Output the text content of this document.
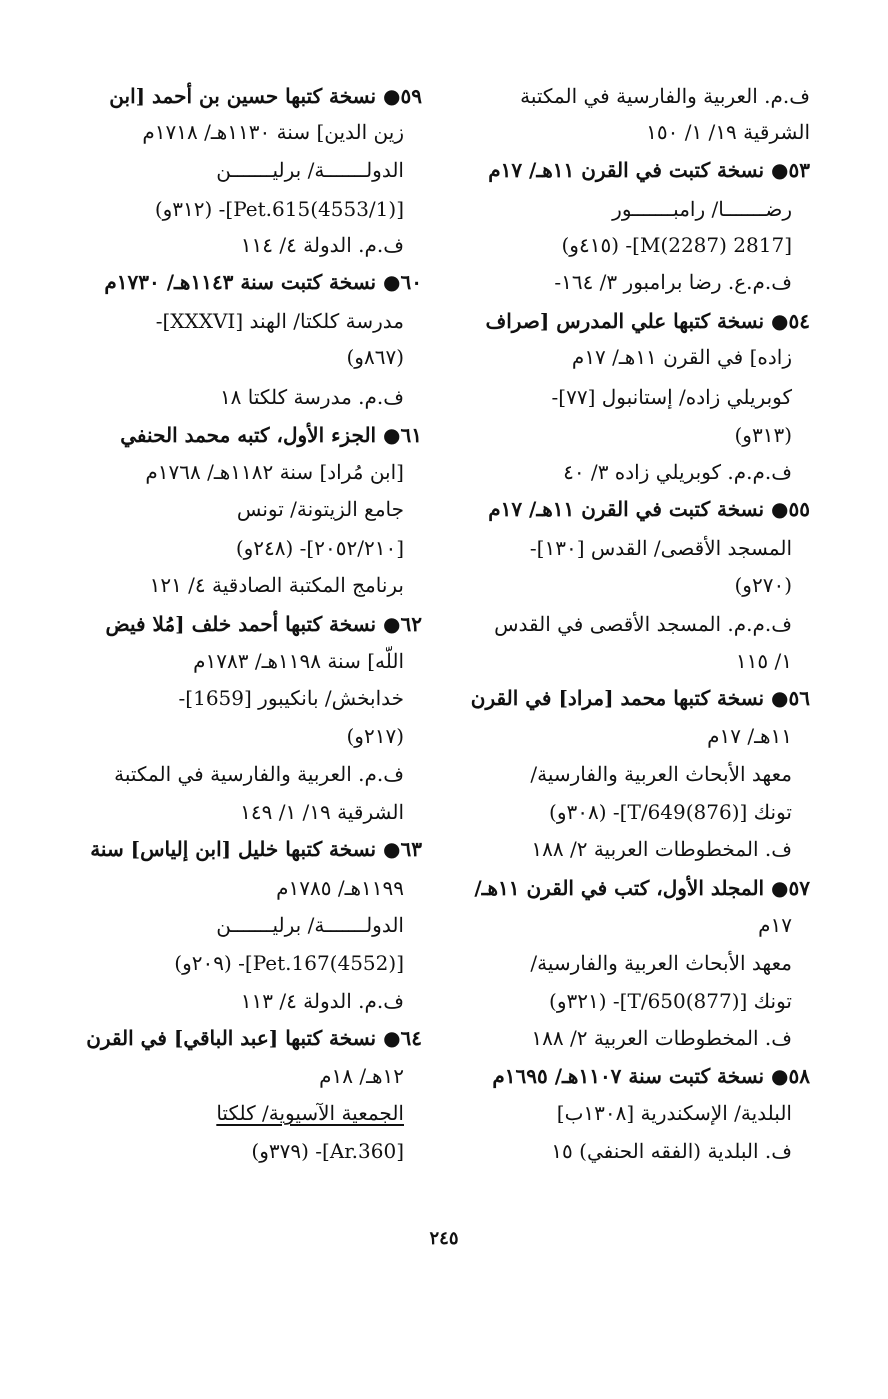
ف.م. العربية والفارسية في المكتبة
الشرقية ١٩/ ١/ ١٥٠
٥٣● نسخة كتبت في القرن ١١هـ/ ١٧م
رضـــــــا/ رامبـــــــور
[2817 M(2287)]- (٤١٥و)
ف.م.ع. رضا برامبور ٣/ ١٦٤-
٥٤● نسخة كتبها علي المدرس [صراف
زاده] في القرن ١١هـ/ ١٧م
كوبريلي زاده/ إستانبول [٧٧]-
(٣١٣و)
ف.م.م. كوبريلي زاده ٣/ ٤٠
٥٥● نسخة كتبت في القرن ١١هـ/ ١٧م
المسجد الأقصى/ القدس [١٣٠]-
(٢٧٠و)
ف.م.م. المسجد الأقصى في القدس
١/ ١١٥
٥٦● نسخة كتبها محمد [مراد] في القرن
١١هـ/ ١٧م
معهد الأبحاث العربية والفارسية/
تونك [T/649(876)]- (٣٠٨و)
ف. المخطوطات العربية ٢/ ١٨٨
٥٧● المجلد الأول، كتب في القرن ١١هـ/
١٧م
معهد الأبحاث العربية والفارسية/
تونك [T/650(877)]- (٣٢١و)
ف. المخطوطات العربية ٢/ ١٨٨
٥٨● نسخة كتبت سنة ١١٠٧هـ/ ١٦٩٥م
البلدية/ الإسكندرية [١٣٠٨ب]
ف. البلدية (الفقه الحنفي) ١٥
٥٩● نسخة كتبها حسين بن أحمد [ابن
زين الدين] سنة ١١٣٠هـ/ ١٧١٨م
الدولـــــــة/ برليـــــــن
[Pet.615(4553/1)]- (٣١٢و)
ف.م. الدولة ٤/ ١١٤
٦٠● نسخة كتبت سنة ١١٤٣هـ/ ١٧٣٠م
مدرسة كلكتا/ الهند [XXXVI]-
(٨٦٧و)
ف.م. مدرسة كلكتا ١٨
٦١● الجزء الأول، كتبه محمد الحنفي
[ابن مُراد] سنة ١١٨٢هـ/ ١٧٦٨م
جامع الزيتونة/ تونس
[٢٠٥٢/٢١٠]- (٢٤٨و)
برنامج المكتبة الصادقية ٤/ ١٢١
٦٢● نسخة كتبها أحمد خلف [مُلا فيض
اللّه] سنة ١١٩٨هـ/ ١٧٨٣م
خدابخش/ بانكيبور [1659]-
(٢١٧و)
ف.م. العربية والفارسية في المكتبة
الشرقية ١٩/ ١/ ١٤٩
٦٣● نسخة كتبها خليل [ابن إلياس] سنة
١١٩٩هـ/ ١٧٨٥م
الدولـــــــة/ برليـــــــن
[Pet.167(4552)]- (٢٠٩و)
ف.م. الدولة ٤/ ١١٣
٦٤● نسخة كتبها [عبد الباقي] في القرن
١٢هـ/ ١٨م
الجمعية الآسيوية/ كلكتا
[Ar.360]- (٣٧٩و)
٢٤٥
